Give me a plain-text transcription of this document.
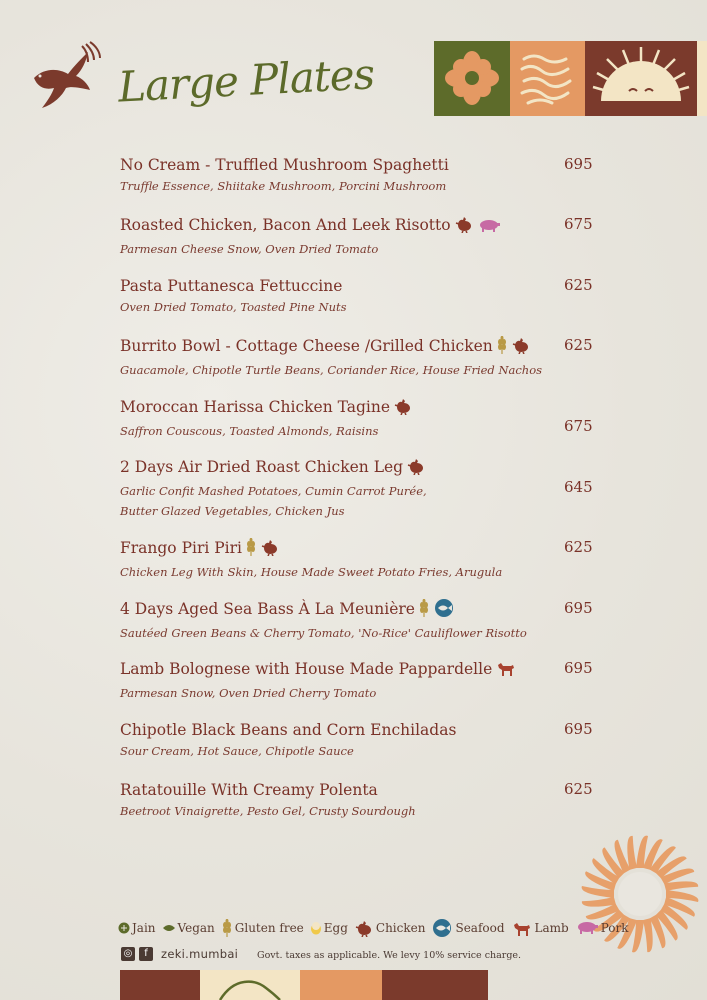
Large Plates
No Cream - Truffled Mushroom Spaghetti
Truffle Essence, Shiitake Mushroom, Porcini Mushroom
695
Roasted Chicken, Bacon And Leek Risotto
Parmesan Cheese Snow, Oven Dried Tomato
675
Pasta Puttanesca Fettuccine
Oven Dried Tomato, Toasted Pine Nuts
625
Burrito Bowl - Cottage Cheese /Grilled Chicken
Guacamole, Chipotle Turtle Beans, Coriander Rice, House Fried Nachos
625
Moroccan Harissa Chicken Tagine
Saffron Couscous, Toasted Almonds, Raisins	675
2 Days Air Dried Roast Chicken Leg
Garlic Confit Mashed Potatoes, Cumin Carrot Purée,
Butter Glazed Vegetables, Chicken Jus
645
Frango Piri Piri
Chicken Leg With Skin, House Made Sweet Potato Fries, Arugula
625
4 Days Aged Sea Bass À La Meunière
Sautéed Green Beans & Cherry Tomato, 'No-Rice' Cauliflower Risotto
695
Lamb Bolognese with House Made Pappardelle
Parmesan Snow, Oven Dried Cherry Tomato
695
Chipotle Black Beans and Corn Enchiladas
Sour Cream, Hot Sauce, Chipotle Sauce
695
Ratatouille With Creamy Polenta
Beetroot Vinaigrette, Pesto Gel, Crusty Sourdough
625
Jain Vegan Gluten free Egg Chicken	Seafood	Lamb	Pork
◎	f	zeki.mumbai Govt. taxes as applicable. We levy 10% service charge.
